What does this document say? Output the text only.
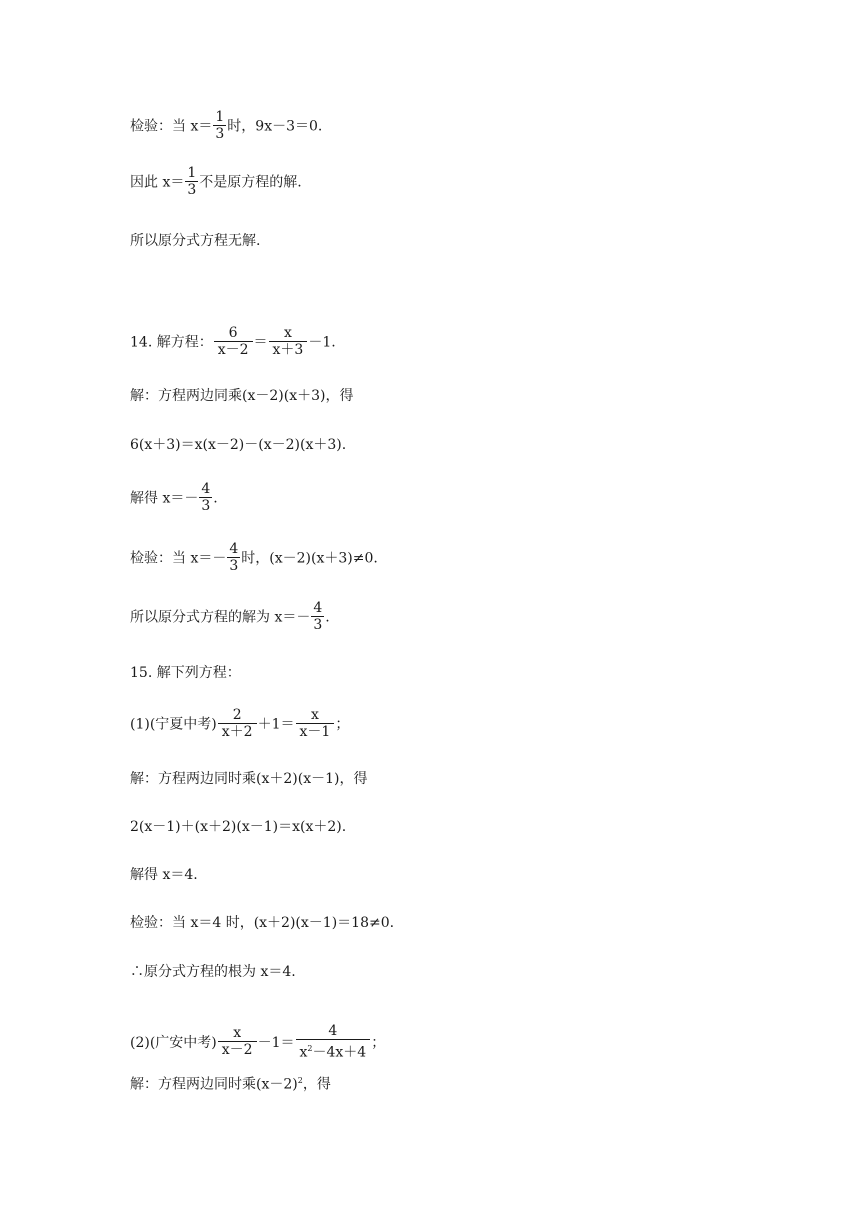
检验：当 $x= \frac{1}{3}$ 时，9x－3＝0.
因此 $x= \frac{1}{3}$ 不是原方程的解.
所以原分式方程无解.
14. 解方程： $\frac{6}{x-2} = \frac{x}{x+3} -1$.
解：方程两边同乘(x－2)(x＋3)，得
6(x＋3)＝x(x－2)－(x－2)(x＋3).
解得 $x=- \frac{4}{3}$ .
检验：当 $x=- \frac{4}{3}$ 时，(x－2)(x＋3)≠0.
所以原分式方程的解为 $x=- \frac{4}{3}$ .
15. 解下列方程：
(1)(宁夏中考) $\frac{2}{x+2} +1= \frac{x}{x-1}$ ；
解：方程两边同时乘(x＋2)(x－1)，得
2(x－1)＋(x＋2)(x－1)＝x(x＋2).
解得 x＝4.
检验：当 x＝4 时，(x＋2)(x－1)＝18≠0.
∴原分式方程的根为 x＝4.
(2)(广安中考) $\frac{x}{x-2} -1= \frac{4}{x^2-4x+4}$ ；
解：方程两边同时乘$(x-2)^2$，得
